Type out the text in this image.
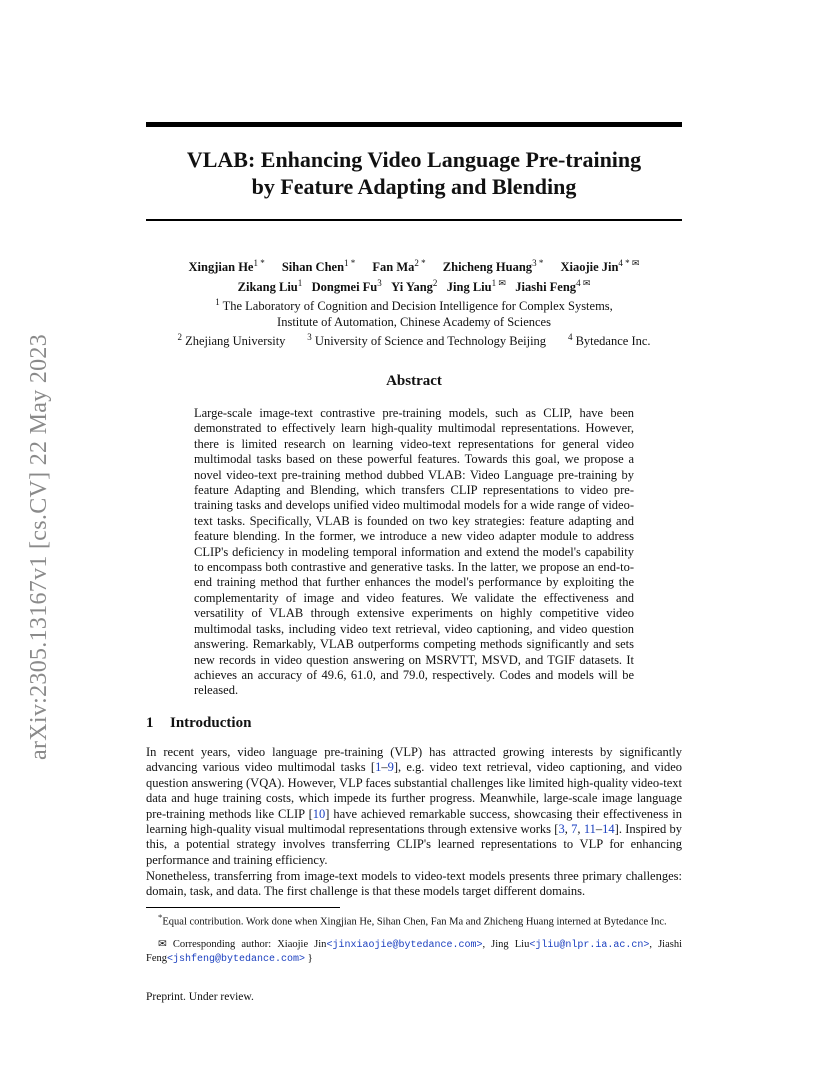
arXiv:2305.13167v1 [cs.CV] 22 May 2023
VLAB: Enhancing Video Language Pre-training
by Feature Adapting and Blending
Xingjian $He^{1 *}$ Sihan Chen$^{1 *}$ Fan $Ma^{2 *}$ Zhicheng Huang$^{3 *}$ Xiaojie Jin$^{4 * ✉}$
Zikang Liu$^1$ Dongmei Fu$^3$ Yi Yang$^2$ Jing Liu$^{1 ✉}$ Jiashi Feng$^{4 ✉}$
$^1$ The Laboratory of Cognition and Decision Intelligence for Complex Systems,
Institute of Automation, Chinese Academy of Sciences
$^2$ Zhejiang University $^3$ University of Science and Technology Beijing $^4$ Bytedance Inc.
Abstract
Large-scale image-text contrastive pre-training models, such as CLIP, have been demonstrated to effectively learn high-quality multimodal representations. However, there is limited research on learning video-text representations for general video multimodal tasks based on these powerful features. Towards this goal, we propose a novel video-text pre-training method dubbed VLAB: Video Language pre-training by feature Adapting and Blending, which transfers CLIP representations to video pre-training tasks and develops unified video multimodal models for a wide range of video-text tasks. Specifically, VLAB is founded on two key strategies: feature adapting and feature blending. In the former, we introduce a new video adapter module to address CLIP's deficiency in modeling temporal information and extend the model's capability to encompass both contrastive and generative tasks. In the latter, we propose an end-to-end training method that further enhances the model's performance by exploiting the complementarity of image and video features. We validate the effectiveness and versatility of VLAB through extensive experiments on highly competitive video multimodal tasks, including video text retrieval, video captioning, and video question answering. Remarkably, VLAB outperforms competing methods significantly and sets new records in video question answering on MSRVTT, MSVD, and TGIF datasets. It achieves an accuracy of 49.6, 61.0, and 79.0, respectively. Codes and models will be released.
1 Introduction
In recent years, video language pre-training (VLP) has attracted growing interests by significantly advancing various video multimodal tasks [1–9], e.g. video text retrieval, video captioning, and video question answering (VQA). However, VLP faces substantial challenges like limited high-quality video-text data and huge training costs, which impede its further progress. Meanwhile, large-scale image language pre-training methods like CLIP [10] have achieved remarkable success, showcasing their effectiveness in learning high-quality visual multimodal representations through extensive works [3, 7, 11–14]. Inspired by this, a potential strategy involves transferring CLIP's learned representations to VLP for enhancing performance and training efficiency.
Nonetheless, transferring from image-text models to video-text models presents three primary challenges: domain, task, and data. The first challenge is that these models target different domains.
*Equal contribution. Work done when Xingjian He, Sihan Chen, Fan Ma and Zhicheng Huang interned at Bytedance Inc.
✉ Corresponding author: Xiaojie Jin<jinxiaojie@bytedance.com>, Jing Liu<jliu@nlpr.ia.ac.cn>, Jiashi Feng<jshfeng@bytedance.com> }
Preprint. Under review.
